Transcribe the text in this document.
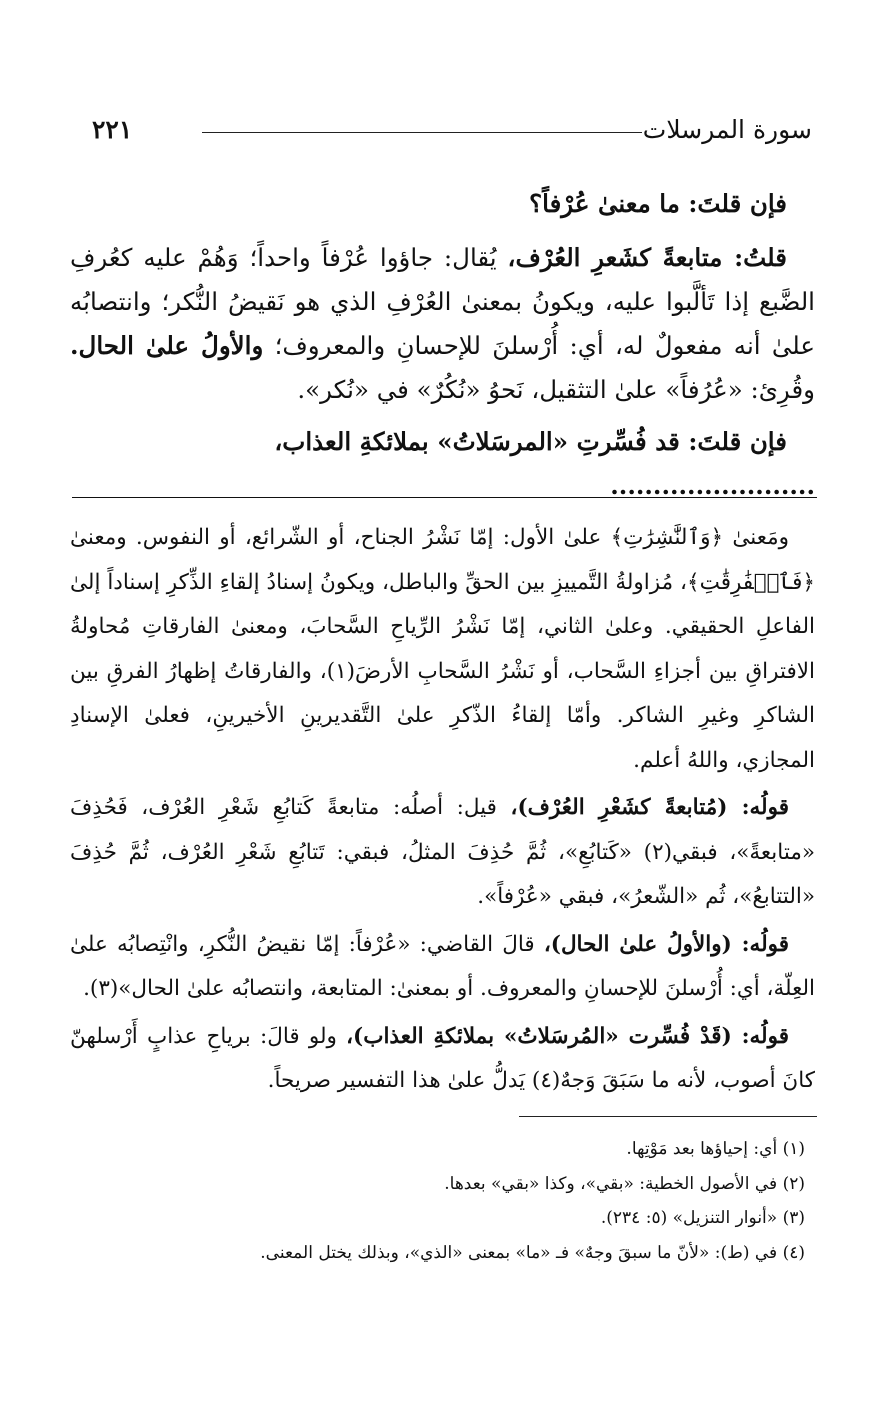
سورة المرسلات
٢٢١

فإن قلتَ: ما معنىٰ عُرْفاً؟

قلتُ: متابعةً كشَعرِ العُرْف، يُقال: جاؤوا عُرْفاً واحداً؛ وَهُمْ عليه كعُرفِ الضَّبع إذا تَألَّبوا عليه، ويكونُ بمعنىٰ العُرْفِ الذي هو نَقيضُ النُّكر؛ وانتصابُه علىٰ أنه مفعولٌ له، أي: أُرْسلنَ للإحسانِ والمعروف؛ والأولُ علىٰ الحال. وقُرِئ: «عُرُفاً» علىٰ التثقيل، نَحوُ «نُكُرٌ» في «نُكر».

فإن قلتَ: قد فُسِّرتِ «المرسَلاتُ» بملائكةِ العذاب، ........................

ومَعنىٰ ﴿وَٱلنَّٰشِرَٰتِ﴾ علىٰ الأول: إمّا نَشْرُ الجناح، أو الشّرائع، أو النفوس. ومعنىٰ ﴿فَٱلۡفَٰرِقَٰتِ﴾، مُزاولةُ التَّمييزِ بين الحقِّ والباطل، ويكونُ إسنادُ إلقاءِ الذِّكرِ إسناداً إلىٰ الفاعلِ الحقيقي. وعلىٰ الثاني، إمّا نَشْرُ الرِّياحِ السَّحابَ، ومعنىٰ الفارقاتِ مُحاولةُ الافتراقِ بين أجزاءِ السَّحاب، أو نَشْرُ السَّحابِ الأرضَ(١)، والفارقاتُ إظهارُ الفرقِ بين الشاكرِ وغيرِ الشاكر. وأمّا إلقاءُ الذّكرِ علىٰ التَّقديرينِ الأخيرينِ، فعلىٰ الإسنادِ المجازي، واللهُ أعلم.

قولُه: (مُتابعةً كشَعْرِ العُرْف)، قيل: أصلُه: متابعةً كَتابُعِ شَعْرِ العُرْف، فَحُذِفَ «متابعةً»، فبقي(٢) «كَتابُعِ»، ثُمَّ حُذِفَ المثلُ، فبقي: تَتابُعِ شَعْرِ العُرْف، ثُمَّ حُذِفَ «التتابعُ»، ثُم «الشّعرُ»، فبقي «عُرْفاً».

قولُه: (والأولُ علىٰ الحال)، قالَ القاضي: «عُرْفاً: إمّا نقيضُ النُّكرِ، وانْتِصابُه علىٰ العِلّة، أي: أُرْسلنَ للإحسانِ والمعروف. أو بمعنىٰ: المتابعة، وانتصابُه علىٰ الحال»(٣).

قولُه: (قَدْ فُسِّرت «المُرسَلاتُ» بملائكةِ العذاب)، ولو قالَ: برياحِ عذابٍ أَرْسلهنّ كانَ أصوب، لأنه ما سَبَقَ وَجهٌ(٤) يَدلُّ علىٰ هذا التفسير صريحاً.

(١) أي: إحياؤها بعد مَوْتِها.

(٢) في الأصول الخطية: «بقي»، وكذا «بقي» بعدها.

(٣) «أنوار التنزيل» (٥: ٢٣٤).

(٤) في (ط): «لأنّ ما سبقَ وجهٌ» فـ «ما» بمعنى «الذي»، وبذلك يختل المعنى.
